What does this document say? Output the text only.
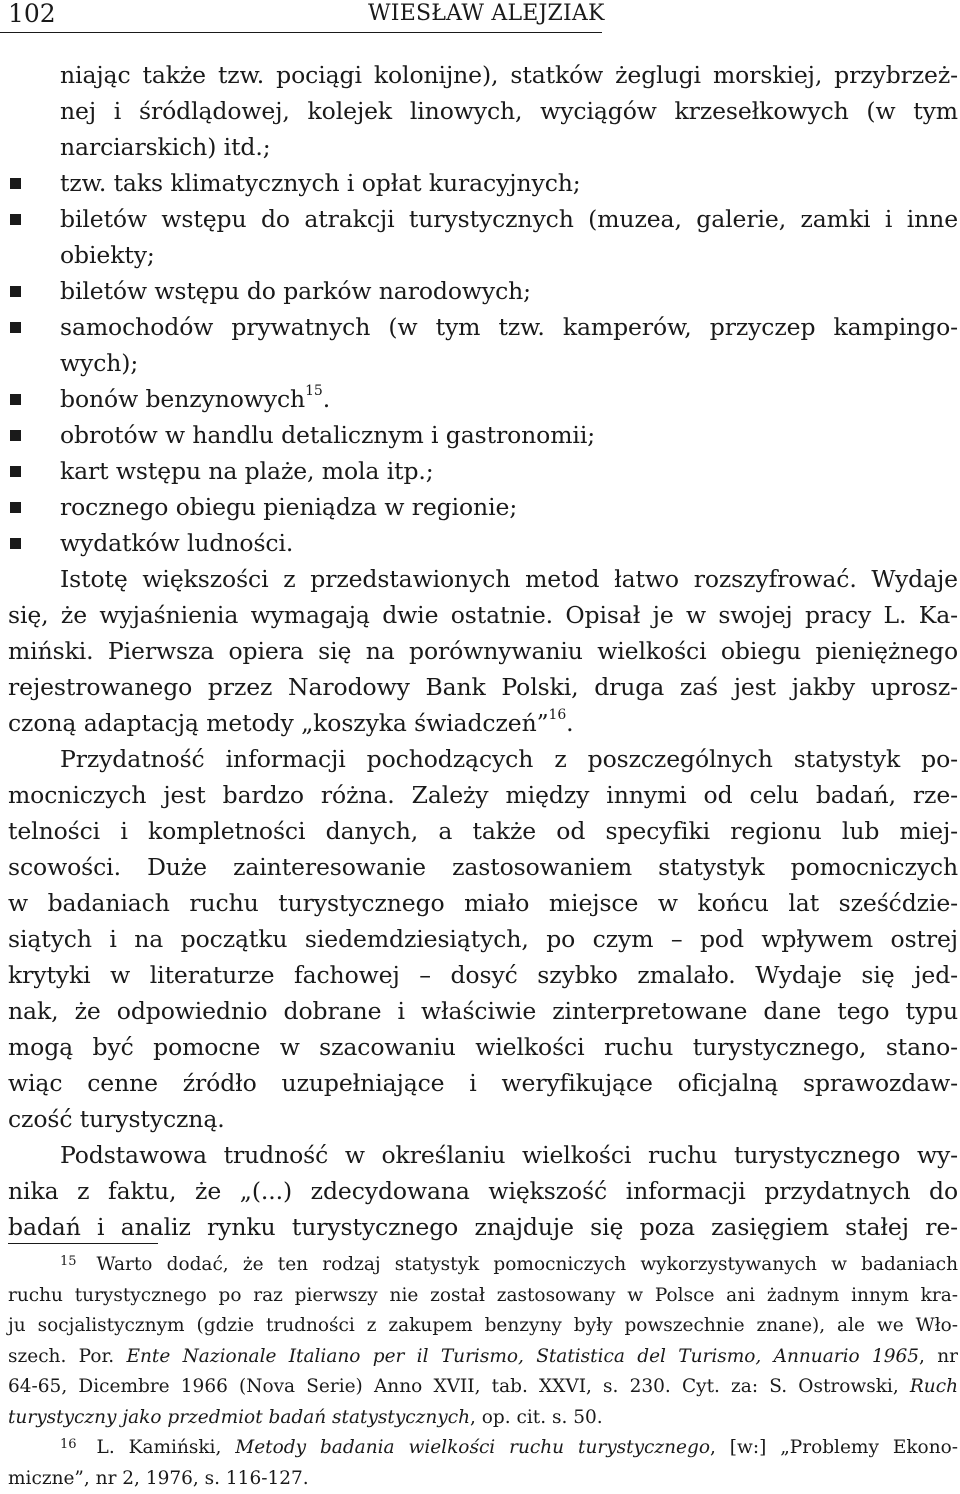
102	WIESŁAW ALEJZIAK
niając także tzw. pociągi kolonijne), statków żeglugi morskiej, przybrzeż-
nej i śródlądowej, kolejek linowych, wyciągów krzesełkowych (w tym
narciarskich) itd.;
tzw. taks klimatycznych i opłat kuracyjnych;
biletów wstępu do atrakcji turystycznych (muzea, galerie, zamki i inne
obiekty;
biletów wstępu do parków narodowych;
samochodów prywatnych (w tym tzw. kamperów, przyczep kampingo-
wych);
bonów benzynowych$^{15}$.
obrotów w handlu detalicznym i gastronomii;
kart wstępu na plaże, mola itp.;
rocznego obiegu pieniądza w regionie;
wydatków ludności.
Istotę większości z przedstawionych metod łatwo rozszyfrować. Wydaje
się, że wyjaśnienia wymagają dwie ostatnie. Opisał je w swojej pracy L. Ka-
miński. Pierwsza opiera się na porównywaniu wielkości obiegu pieniężnego
rejestrowanego przez Narodowy Bank Polski, druga zaś jest jakby uprosz-
czoną adaptacją metody „koszyka świadczeń”$^{16}$.
Przydatność informacji pochodzących z poszczególnych statystyk po-
mocniczych jest bardzo różna. Zależy między innymi od celu badań, rze-
telności i kompletności danych, a także od specyfiki regionu lub miej-
scowości. Duże zainteresowanie zastosowaniem statystyk pomocniczych
w badaniach ruchu turystycznego miało miejsce w końcu lat sześćdzie-
siątych i na początku siedemdziesiątych, po czym – pod wpływem ostrej
krytyki w literaturze fachowej – dosyć szybko zmalało. Wydaje się jed-
nak, że odpowiednio dobrane i właściwie zinterpretowane dane tego typu
mogą być pomocne w szacowaniu wielkości ruchu turystycznego, stano-
wiąc cenne źródło uzupełniające i weryfikujące oficjalną sprawozdaw-
czość turystyczną.
Podstawowa trudność w określaniu wielkości ruchu turystycznego wy-
nika z faktu, że „(...) zdecydowana większość informacji przydatnych do
badań i analiz rynku turystycznego znajduje się poza zasięgiem stałej re-
$^{15}$ Warto dodać, że ten rodzaj statystyk pomocniczych wykorzystywanych w badaniach
ruchu turystycznego po raz pierwszy nie został zastosowany w Polsce ani żadnym innym kra-
ju socjalistycznym (gdzie trudności z zakupem benzyny były powszechnie znane), ale we Wło-
szech. Por. Ente Nazionale Italiano per il Turismo, Statistica del Turismo, Annuario 1965, nr
64-65, Dicembre 1966 (Nova Serie) Anno XVII, tab. XXVI, s. 230. Cyt. za: S. Ostrowski, Ruch
turystyczny jako przedmiot badań statystycznych, op. cit. s. 50.
$^{16}$ L. Kamiński, Metody badania wielkości ruchu turystycznego, [w:] „Problemy Ekono-
miczne”, nr 2, 1976, s. 116-127.
